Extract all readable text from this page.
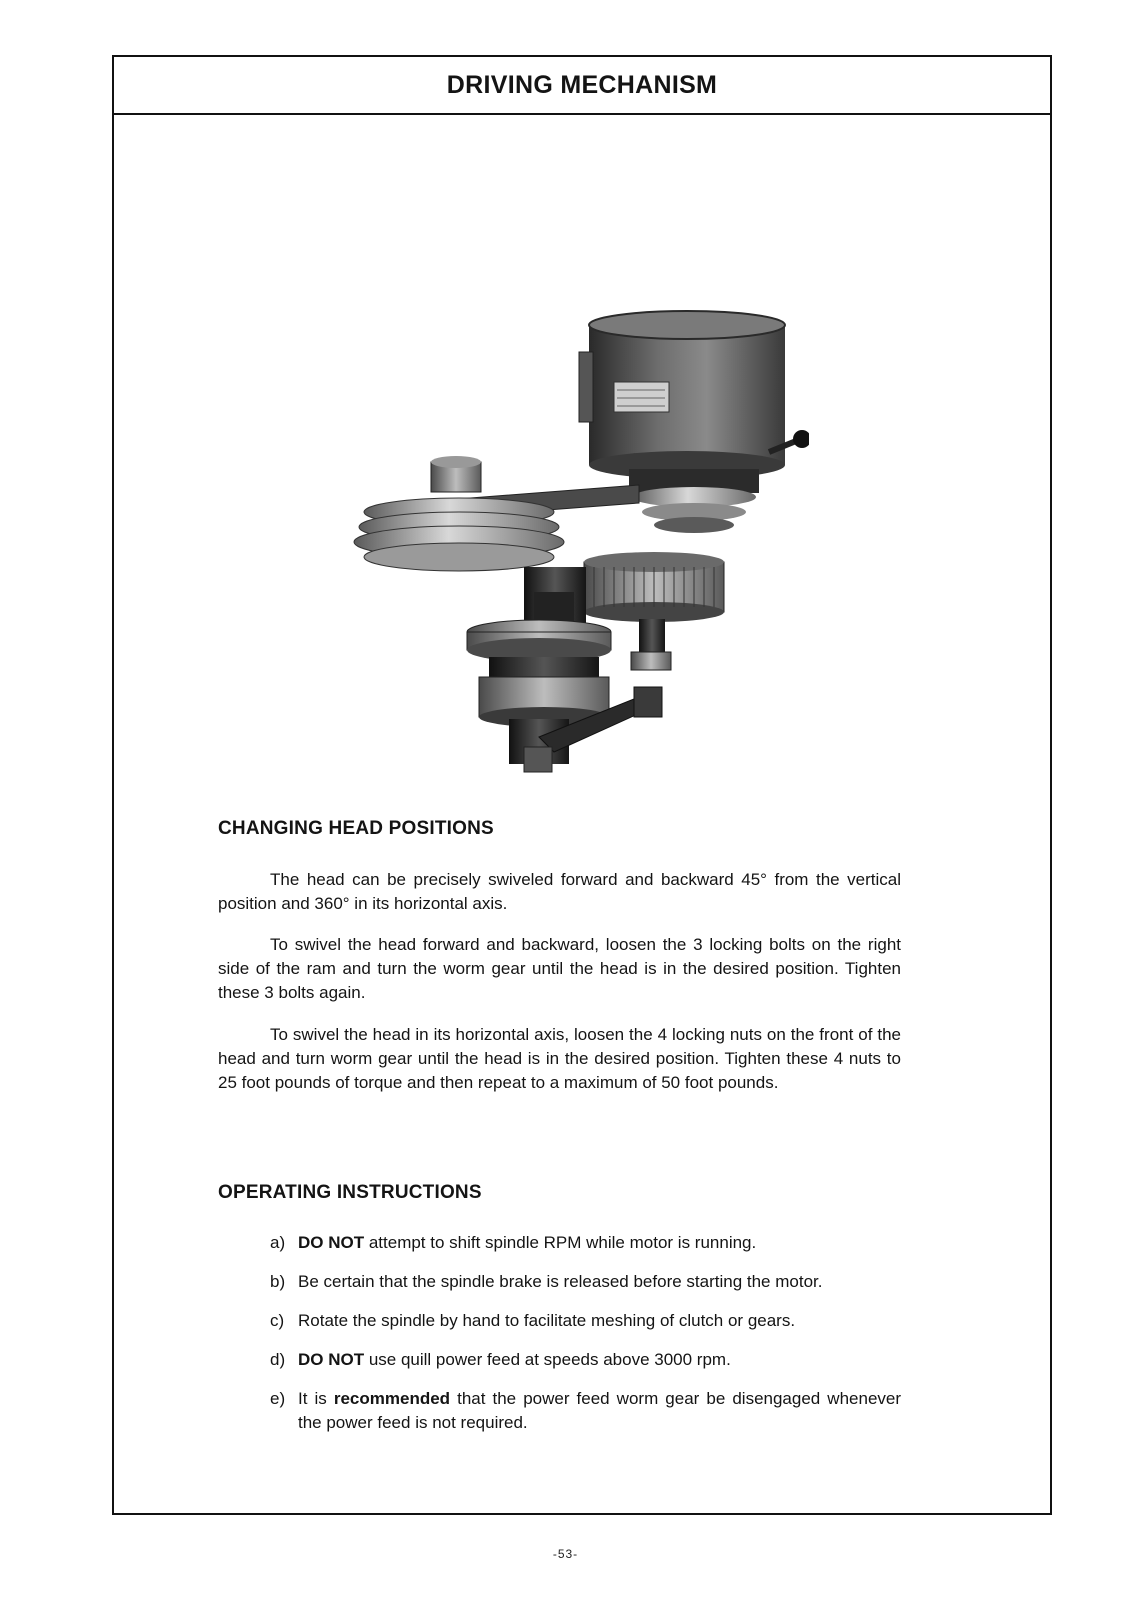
DRIVING MECHANISM
CHANGING HEAD POSITIONS

The head can be precisely swiveled forward and backward 45° from the vertical position and 360° in its horizontal axis.

To swivel the head forward and backward, loosen the 3 locking bolts on the right side of the ram and turn the worm gear until the head is in the desired position. Tighten these 3 bolts again.

To swivel the head in its horizontal axis, loosen the 4 locking nuts on the front of the head and turn worm gear until the head is in the desired position. Tighten these 4 nuts to 25 foot pounds of torque and then repeat to a maximum of 50 foot pounds.

OPERATING INSTRUCTIONS
a) DO NOT attempt to shift spindle RPM while motor is running.
b) Be certain that the spindle brake is released before starting the motor.
c) Rotate the spindle by hand to facilitate meshing of clutch or gears.
d) DO NOT use quill power feed at speeds above 3000 rpm.
e) It is recommended that the power feed worm gear be disengaged whenever the power feed is not required.
-53-
